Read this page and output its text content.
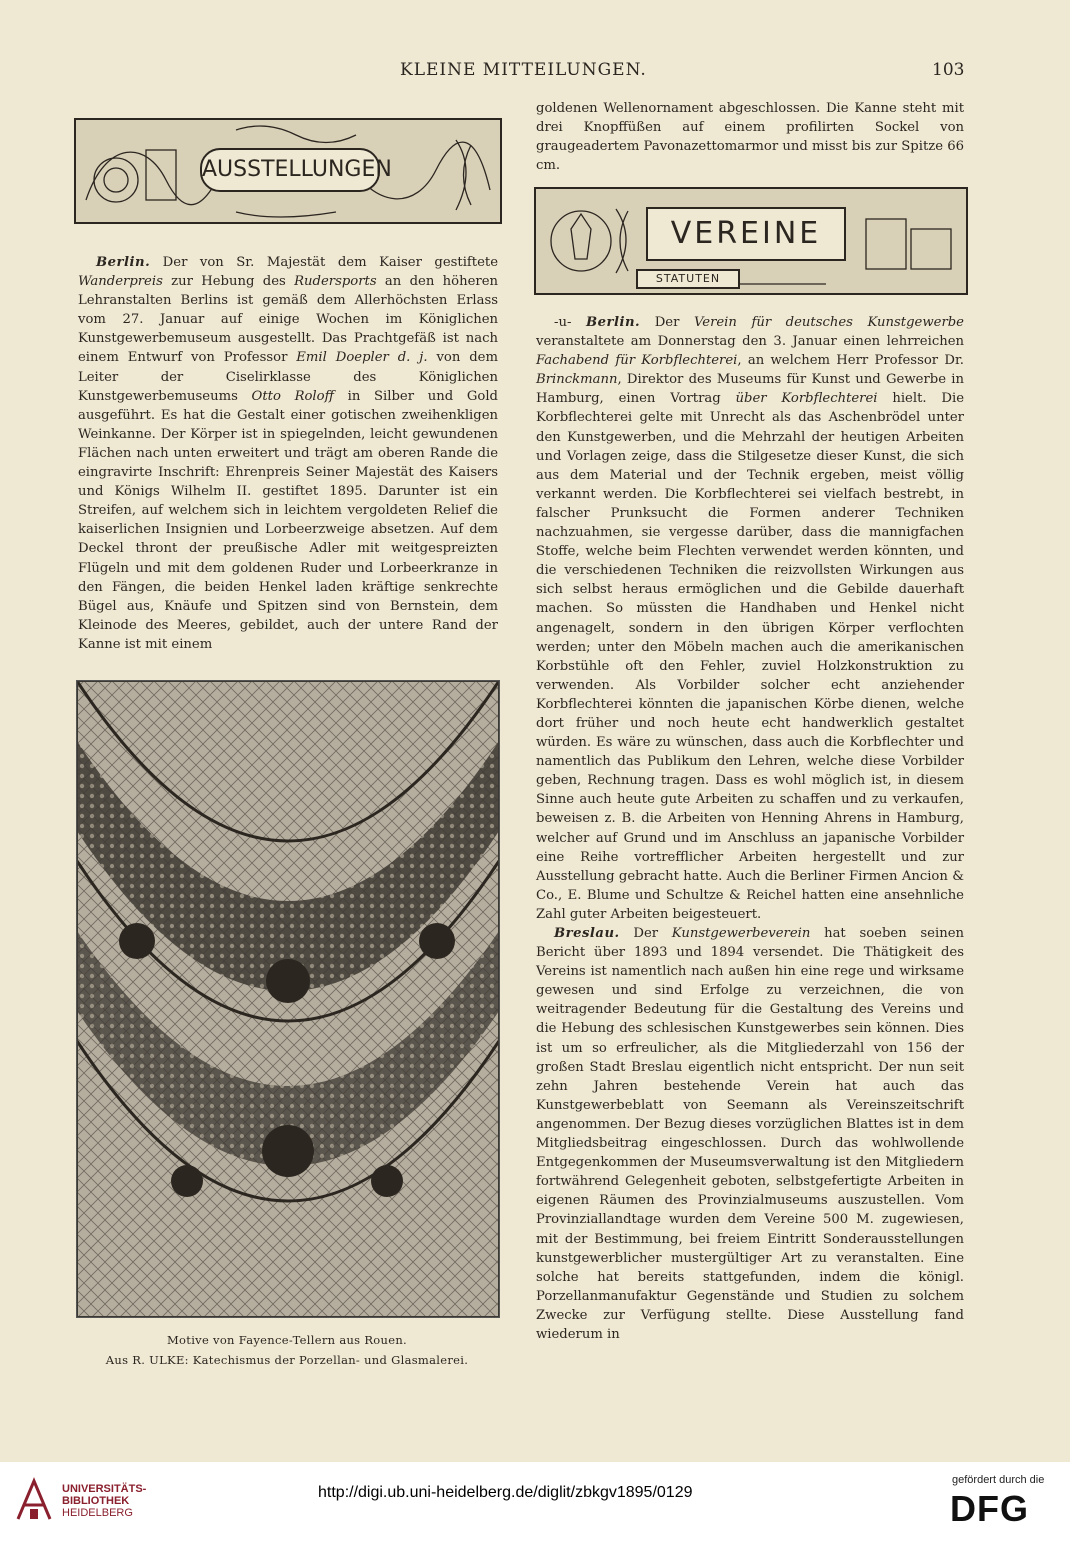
KLEINE MITTEILUNGEN.	103
AUSSTELLUNGEN

Berlin. Der von Sr. Majestät dem Kaiser gestiftete Wanderpreis zur Hebung des Rudersports an den höheren Lehranstalten Berlins ist gemäß dem Allerhöchsten Erlass vom 27. Januar auf einige Wochen im Königlichen Kunstgewerbemuseum ausgestellt. Das Prachtgefäß ist nach einem Entwurf von Professor Emil Doepler d. j. von dem Leiter der Ciselirklasse des Königlichen Kunstgewerbemuseums Otto Roloff in Silber und Gold ausgeführt. Es hat die Gestalt einer gotischen zweihenkligen Weinkanne. Der Körper ist in spiegelnden, leicht gewundenen Flächen nach unten erweitert und trägt am oberen Rande die eingravirte Inschrift: Ehrenpreis Seiner Majestät des Kaisers und Königs Wilhelm II. gestiftet 1895. Darunter ist ein Streifen, auf welchem sich in leichtem vergoldeten Relief die kaiserlichen Insignien und Lorbeerzweige absetzen. Auf dem Deckel thront der preußische Adler mit weitgespreizten Flügeln und mit dem goldenen Ruder und Lorbeerkranze in den Fängen, die beiden Henkel laden kräftige senkrechte Bügel aus, Knäufe und Spitzen sind von Bernstein, dem Kleinode des Meeres, gebildet, auch der untere Rand der Kanne ist mit einem

Motive von Fayence-Tellern aus Rouen.
Aus R. ULKE: Katechismus der Porzellan- und Glasmalerei.

goldenen Wellenornament abgeschlossen. Die Kanne steht mit drei Knopffüßen auf einem profilirten Sockel von graugeadertem Pavonazettomarmor und misst bis zur Spitze 66 cm.

VEREINE
STATUTEN

-u- Berlin. Der Verein für deutsches Kunstgewerbe veranstaltete am Donnerstag den 3. Januar einen lehrreichen Fachabend für Korbflechterei, an welchem Herr Professor Dr. Brinckmann, Direktor des Museums für Kunst und Gewerbe in Hamburg, einen Vortrag über Korbflechterei hielt. Die Korbflechterei gelte mit Unrecht als das Aschenbrödel unter den Kunstgewerben, und die Mehrzahl der heutigen Arbeiten und Vorlagen zeige, dass die Stilgesetze dieser Kunst, die sich aus dem Material und der Technik ergeben, meist völlig verkannt werden. Die Korbflechterei sei vielfach bestrebt, in falscher Prunksucht die Formen anderer Techniken nachzuahmen, sie vergesse darüber, dass die mannigfachen Stoffe, welche beim Flechten verwendet werden könnten, und die verschiedenen Techniken die reizvollsten Wirkungen aus sich selbst heraus ermöglichen und die Gebilde dauerhaft machen. So müssten die Handhaben und Henkel nicht angenagelt, sondern in den übrigen Körper verflochten werden; unter den Möbeln machen auch die amerikanischen Korbstühle oft den Fehler, zuviel Holzkonstruktion zu verwenden. Als Vorbilder solcher echt anziehender Korbflechterei könnten die japanischen Körbe dienen, welche dort früher und noch heute echt handwerklich gestaltet würden. Es wäre zu wünschen, dass auch die Korbflechter und namentlich das Publikum den Lehren, welche diese Vorbilder geben, Rechnung tragen. Dass es wohl möglich ist, in diesem Sinne auch heute gute Arbeiten zu schaffen und zu verkaufen, beweisen z. B. die Arbeiten von Henning Ahrens in Hamburg, welcher auf Grund und im Anschluss an japanische Vorbilder eine Reihe vortrefflicher Arbeiten hergestellt und zur Ausstellung gebracht hatte. Auch die Berliner Firmen Ancion & Co., E. Blume und Schultze & Reichel hatten eine ansehnliche Zahl guter Arbeiten beigesteuert.

Breslau. Der Kunstgewerbeverein hat soeben seinen Bericht über 1893 und 1894 versendet. Die Thätigkeit des Vereins ist namentlich nach außen hin eine rege und wirksame gewesen und sind Erfolge zu verzeichnen, die von weitragender Bedeutung für die Gestaltung des Vereins und die Hebung des schlesischen Kunstgewerbes sein können. Dies ist um so erfreulicher, als die Mitgliederzahl von 156 der großen Stadt Breslau eigentlich nicht entspricht. Der nun seit zehn Jahren bestehende Verein hat auch das Kunstgewerbeblatt von Seemann als Vereinszeitschrift angenommen. Der Bezug dieses vorzüglichen Blattes ist in dem Mitgliedsbeitrag eingeschlossen. Durch das wohlwollende Entgegenkommen der Museumsverwaltung ist den Mitgliedern fortwährend Gelegenheit geboten, selbstgefertigte Arbeiten in eigenen Räumen des Provinzialmuseums auszustellen. Vom Provinziallandtage wurden dem Vereine 500 M. zugewiesen, mit der Bestimmung, bei freiem Eintritt Sonderausstellungen kunstgewerblicher mustergültiger Art zu veranstalten. Eine solche hat bereits stattgefunden, indem die königl. Porzellanmanufaktur Gegenstände und Studien zu solchem Zwecke zur Verfügung stellte. Diese Ausstellung fand wiederum in

UNIVERSITÄTS-
BIBLIOTHEK
HEIDELBERG
http://digi.ub.uni-heidelberg.de/diglit/zbkgv1895/0129
gefördert durch die
DFG
